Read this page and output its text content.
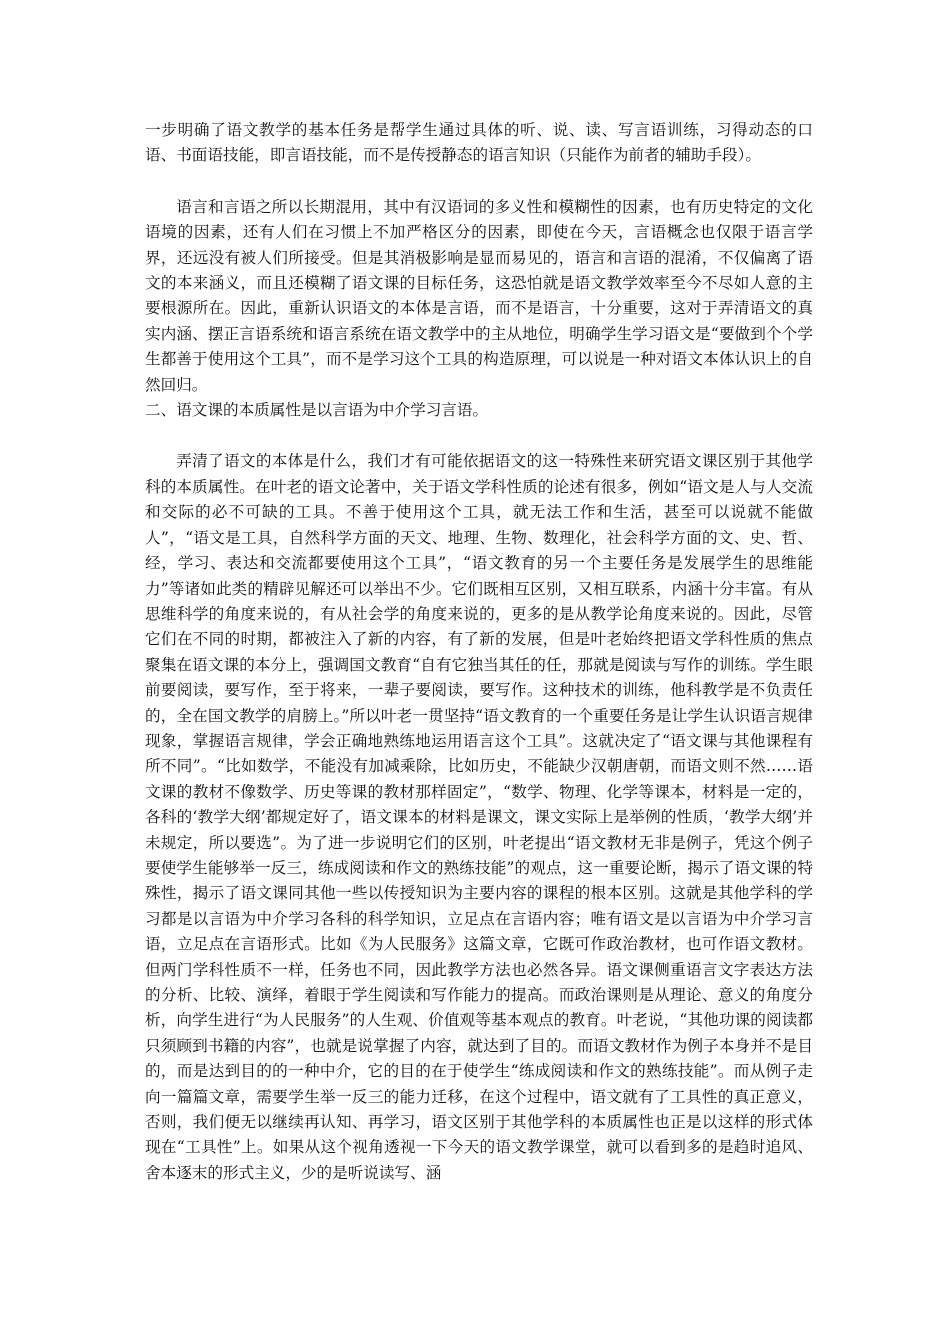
一步明确了语文教学的基本任务是帮学生通过具体的听、说、读、写言语训练，习得动态的口语、书面语技能，即言语技能，而不是传授静态的语言知识（只能作为前者的辅助手段）。

语言和言语之所以长期混用，其中有汉语词的多义性和模糊性的因素，也有历史特定的文化语境的因素，还有人们在习惯上不加严格区分的因素，即使在今天，言语概念也仅限于语言学界，还远没有被人们所接受。但是其消极影响是显而易见的，语言和言语的混淆，不仅偏离了语文的本来涵义，而且还模糊了语文课的目标任务，这恐怕就是语文教学效率至今不尽如人意的主要根源所在。因此，重新认识语文的本体是言语，而不是语言，十分重要，这对于弄清语文的真实内涵、摆正言语系统和语言系统在语文教学中的主从地位，明确学生学习语文是“要做到个个学生都善于使用这个工具”，而不是学习这个工具的构造原理，可以说是一种对语文本体认识上的自然回归。

二、语文课的本质属性是以言语为中介学习言语。

弄清了语文的本体是什么，我们才有可能依据语文的这一特殊性来研究语文课区别于其他学科的本质属性。在叶老的语文论著中，关于语文学科性质的论述有很多，例如“语文是人与人交流和交际的必不可缺的工具。不善于使用这个工具，就无法工作和生活，甚至可以说就不能做人”，“语文是工具，自然科学方面的天文、地理、生物、数理化，社会科学方面的文、史、哲、经，学习、表达和交流都要使用这个工具”，“语文教育的另一个主要任务是发展学生的思维能力”等诸如此类的精辟见解还可以举出不少。它们既相互区别，又相互联系，内涵十分丰富。有从思维科学的角度来说的，有从社会学的角度来说的，更多的是从教学论角度来说的。因此，尽管它们在不同的时期，都被注入了新的内容，有了新的发展，但是叶老始终把语文学科性质的焦点聚集在语文课的本分上，强调国文教育“自有它独当其任的任，那就是阅读与写作的训练。学生眼前要阅读，要写作，至于将来，一辈子要阅读，要写作。这种技术的训练，他科教学是不负责任的，全在国文教学的肩膀上。”所以叶老一贯坚持“语文教育的一个重要任务是让学生认识语言规律现象，掌握语言规律，学会正确地熟练地运用语言这个工具”。这就决定了“语文课与其他课程有所不同”。“比如数学，不能没有加减乘除，比如历史，不能缺少汉朝唐朝，而语文则不然……语文课的教材不像数学、历史等课的教材那样固定”，“数学、物理、化学等课本，材料是一定的，各科的‘教学大纲’都规定好了，语文课本的材料是课文，课文实际上是举例的性质，‘教学大纲’并未规定，所以要选”。为了进一步说明它们的区别，叶老提出“语文教材无非是例子，凭这个例子要使学生能够举一反三，练成阅读和作文的熟练技能”的观点，这一重要论断，揭示了语文课的特殊性，揭示了语文课同其他一些以传授知识为主要内容的课程的根本区别。这就是其他学科的学习都是以言语为中介学习各科的科学知识，立足点在言语内容；唯有语文是以言语为中介学习言语，立足点在言语形式。比如《为人民服务》这篇文章，它既可作政治教材，也可作语文教材。但两门学科性质不一样，任务也不同，因此教学方法也必然各异。语文课侧重语言文字表达方法的分析、比较、演绎，着眼于学生阅读和写作能力的提高。而政治课则是从理论、意义的角度分析，向学生进行“为人民服务”的人生观、价值观等基本观点的教育。叶老说，“其他功课的阅读都只须顾到书籍的内容”，也就是说掌握了内容，就达到了目的。而语文教材作为例子本身并不是目的，而是达到目的的一种中介，它的目的在于使学生“练成阅读和作文的熟练技能”。而从例子走向一篇篇文章，需要学生举一反三的能力迁移，在这个过程中，语文就有了工具性的真正意义，否则，我们便无以继续再认知、再学习，语文区别于其他学科的本质属性也正是以这样的形式体现在“工具性”上。如果从这个视角透视一下今天的语文教学课堂，就可以看到多的是趋时追风、舍本逐末的形式主义，少的是听说读写、涵
